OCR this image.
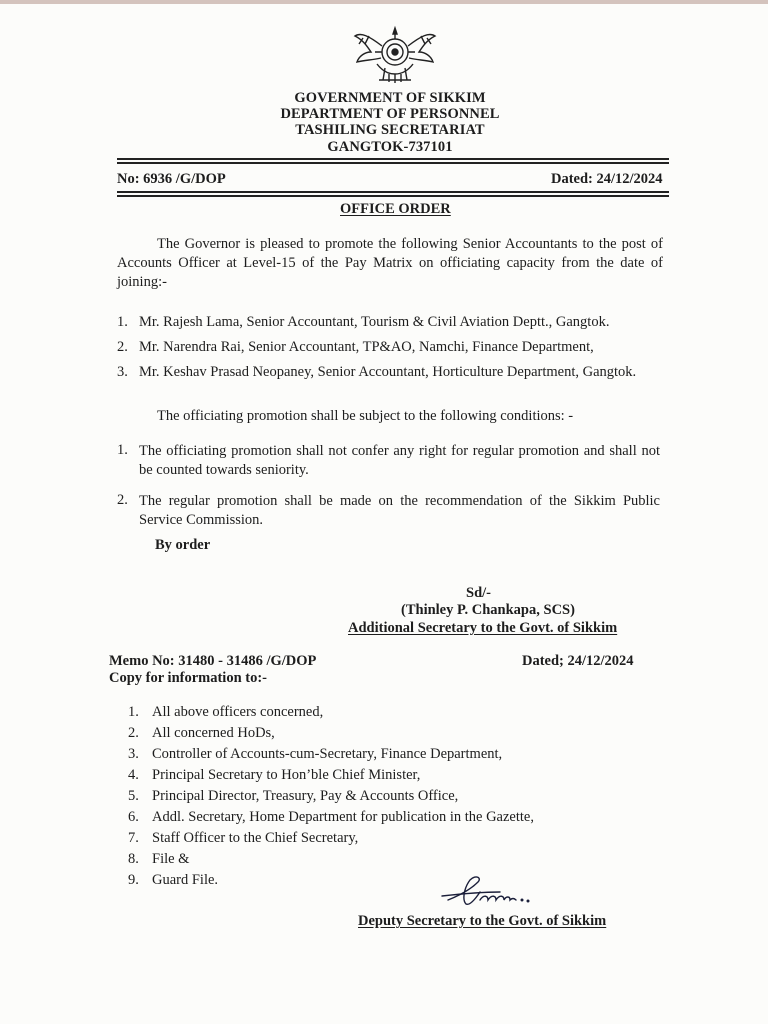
GOVERNMENT OF SIKKIM
DEPARTMENT OF PERSONNEL
TASHILING SECRETARIAT
GANGTOK-737101
No: 6936 /G/DOP	Dated: 24/12/2024
OFFICE ORDER
The Governor is pleased to promote the following Senior Accountants to the post of Accounts Officer at Level-15 of the Pay Matrix on officiating capacity from the date of joining:-
1. Mr. Rajesh Lama, Senior Accountant, Tourism & Civil Aviation Deptt., Gangtok.
2. Mr. Narendra Rai, Senior Accountant, TP&AO, Namchi, Finance Department,
3. Mr. Keshav Prasad Neopaney, Senior Accountant, Horticulture Department, Gangtok.
The officiating promotion shall be subject to the following conditions: -
1. The officiating promotion shall not confer any right for regular promotion and shall not be counted towards seniority.
2. The regular promotion shall be made on the recommendation of the Sikkim Public Service Commission.
By order
Sd/-
(Thinley P. Chankapa, SCS)
Additional Secretary to the Govt. of Sikkim
Memo No: 31480 - 31486 /G/DOP	Dated; 24/12/2024
Copy for information to:-
1. All above officers concerned,
2. All concerned HoDs,
3. Controller of Accounts-cum-Secretary, Finance Department,
4. Principal Secretary to Hon’ble Chief Minister,
5. Principal Director, Treasury, Pay & Accounts Office,
6. Addl. Secretary, Home Department for publication in the Gazette,
7. Staff Officer to the Chief Secretary,
8. File &
9. Guard File.
Deputy Secretary to the Govt. of Sikkim
